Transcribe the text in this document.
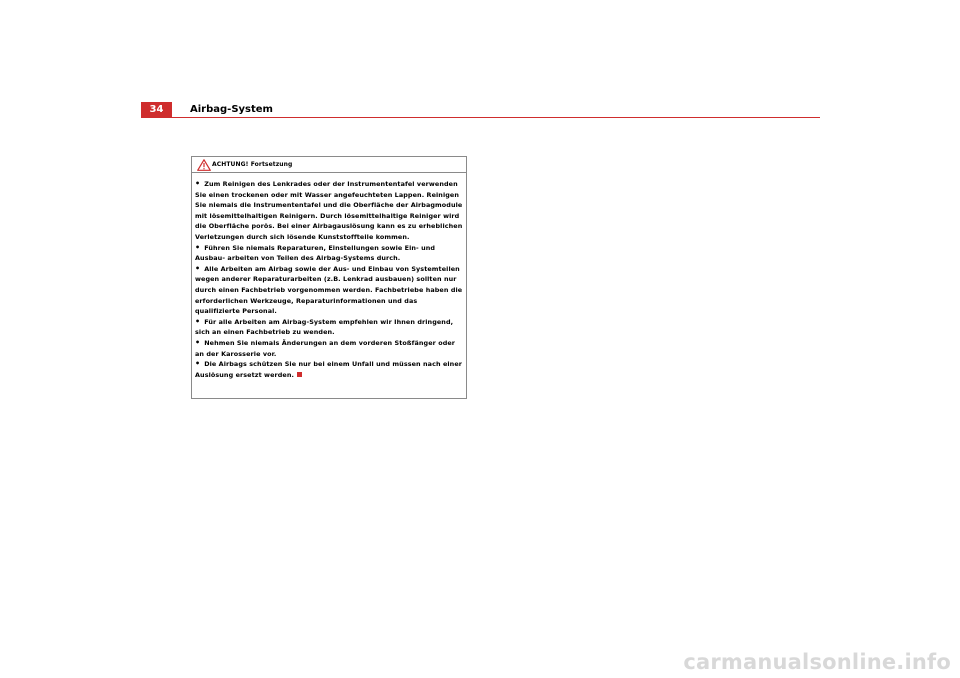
34	Airbag-System
ACHTUNG! Fortsetzung

• Zum Reinigen des Lenkrades oder der Instrumententafel verwenden Sie einen trockenen oder mit Wasser angefeuchteten Lappen. Reinigen Sie niemals die Instrumententafel und die Oberfläche der Airbagmodule mit lösemittelhaltigen Reinigern. Durch lösemittelhaltige Reiniger wird die Oberfläche porös. Bei einer Airbagauslösung kann es zu erheblichen Verletzungen durch sich lösende Kunststoffteile kommen.

• Führen Sie niemals Reparaturen, Einstellungen sowie Ein- und Ausbau- arbeiten von Teilen des Airbag-Systems durch.

• Alle Arbeiten am Airbag sowie der Aus- und Einbau von Systemteilen wegen anderer Reparaturarbeiten (z.B. Lenkrad ausbauen) sollten nur durch einen Fachbetrieb vorgenommen werden. Fachbetriebe haben die erforderlichen Werkzeuge, Reparaturinformationen und das qualifizierte Personal.

• Für alle Arbeiten am Airbag-System empfehlen wir Ihnen dringend, sich an einen Fachbetrieb zu wenden.

• Nehmen Sie niemals Änderungen an dem vorderen Stoßfänger oder an der Karosserie vor.

• Die Airbags schützen Sie nur bei einem Unfall und müssen nach einer Auslösung ersetzt werden.

carmanualsonline.info
